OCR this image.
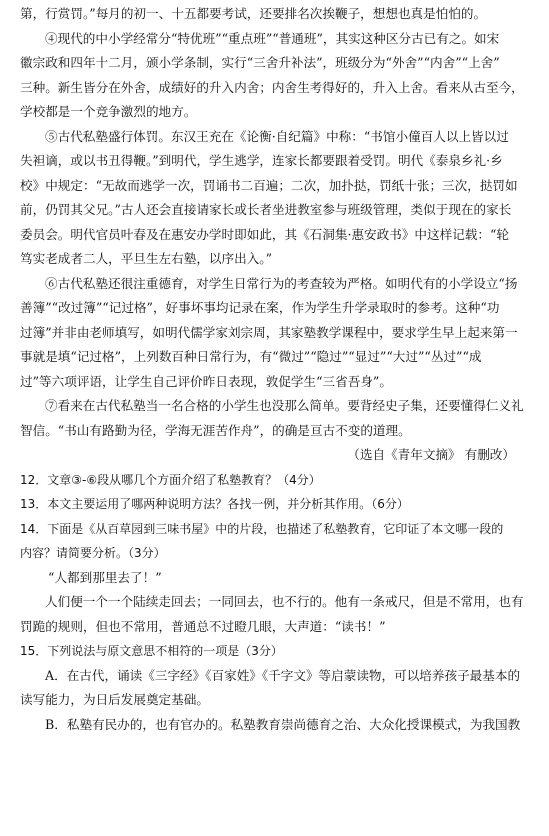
第，行赏罚。”每月的初一、十五都要考试，还要排名次挨鞭子，想想也真是怕怕的。
④现代的中小学经常分“特优班”“重点班”“普通班”，其实这种区分古已有之。如宋
徽宗政和四年十二月，颁小学条制，实行“三舍升补法”，班级分为“外舍”“内舍”“上舍”
三种。新生皆分在外舍，成绩好的升入内舍；内舍生考得好的，升入上舍。看来从古至今，
学校都是一个竞争激烈的地方。
⑤古代私塾盛行体罚。东汉王充在《论衡·自纪篇》中称：“书馆小僮百人以上皆以过
失袒谪，或以书丑得鞭。”到明代，学生逃学，连家长都要跟着受罚。明代《泰泉乡礼·乡
校》中规定：“无故而逃学一次，罚诵书二百遍；二次，加扑挞，罚纸十张；三次，挞罚如
前，仍罚其父兄。”古人还会直接请家长或长者坐进教室参与班级管理，类似于现在的家长
委员会。明代官员叶春及在惠安办学时即如此，其《石洞集·惠安政书》中这样记载：“轮
笃实老成者二人，平旦生左右塾，以序出入。”
⑥古代私塾还很注重德育，对学生日常行为的考查较为严格。如明代有的小学设立“扬
善簿”“改过簿”“记过格”，好事坏事均记录在案，作为学生升学录取时的参考。这种“功
过簿”并非由老师填写，如明代儒学家刘宗周，其家塾教学课程中，要求学生早上起来第一
事就是填“记过格”，上列数百种日常行为，有“微过”“隐过”“显过”“大过”“丛过”“成
过”等六项评语，让学生自己评价昨日表现，敦促学生“三省吾身”。
⑦看来在古代私塾当一名合格的小学生也没那么简单。要背经史子集，还要懂得仁义礼
智信。“书山有路勤为径，学海无涯苦作舟”，的确是亘古不变的道理。
（选自《青年文摘》 有删改）
12．文章③-⑥段从哪几个方面介绍了私塾教育？（4分）
13．本文主要运用了哪两种说明方法？各找一例，并分析其作用。（6分）
14．下面是《从百草园到三味书屋》中的片段，也描述了私塾教育，它印证了本文哪一段的
内容？请简要分析。（3分）
“人都到那里去了！”
人们便一个一个陆续走回去；一同回去，也不行的。他有一条戒尺，但是不常用，也有
罚跪的规则，但也不常用，普通总不过瞪几眼，大声道：“读书！”
15．下列说法与原文意思不相符的一项是（3分）
A．在古代，诵读《三字经》《百家姓》《千字文》等启蒙读物，可以培养孩子最基本的
读写能力，为日后发展奠定基础。
B．私塾有民办的，也有官办的。私塾教育崇尚德育之治、大众化授课模式，为我国教
